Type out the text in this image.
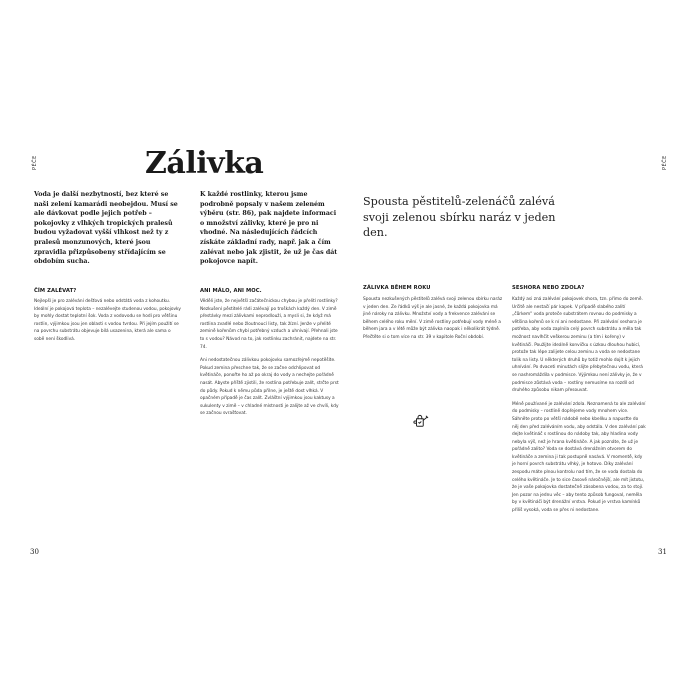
PÉČE	Zálivka

Voda je další nezbytností, bez které se naši zelení kamarádi neobejdou. Musí se ale dávkovat podle jejich potřeb – pokojovky z vlhkých tropických pralesů budou vyžadovat vyšší vlhkost než ty z pralesů monzunových, které jsou zpravidla přizpůsobeny střídajícím se obdobím sucha.

K každé rostlinky, kterou jsme podrobně popsaly v našem zeleném výběru (str. 86), pak najdete informaci o množství zálivky, které je pro ni vhodné. Na následujících řádcích získáte základní rady, např. jak a čím zalévat nebo jak zjistit, že už je čas dát pokojovce napít.

ČÍM ZALÉVAT?

Nejlepší je pro zalévání dešťová nebo odstátá voda z kohoutku. Ideální je pokojová teplota – nezalévejte studenou vodou, pokojovky by mohly dostat teplotní šok. Voda z vodovodu se hodí pro většinu rostlin, výjimkou jsou jen oblasti s vodou tvrdou. Při jejím použití se na povrchu substrátu objevuje bílá usazenina, která ale sama o sobě není škodlivá.

ANI MÁLO, ANI MOC.

Věděli jste, že největší začátečnickou chybou je přelití rostlinky? Nezkušení pěstitelé rádi zalévají po troškách každý den. V zimě přestávky mezi zálivkami neprodlouží, a mysli si, že když má rostlina zvadlé nebo žloutnoucí listy, tak žízní. Jenže v přelité zemině kořenům chybí potřebný vzduch a uhnívají. Přehnali jste to s vodou? Návod na to, jak rostlinku zachránit, najdete na str. 74.

Ani nedostatečnou zálivkou pokojovku samozřejmě nepotěšíte. Pokud zemina přeschne tak, že se začne odchlipovat od květináče, ponořte ho až po okraj do vody a nechejte pořádně nasát. Abyste příště zjistili, že rostlina potřebuje zalít, strčte prst do půdy. Pokud k němu půda přilne, je ještě dost vlhká. V opačném případě je čas zalít. Zvláštní výjimkou jsou kaktusy a sukulenty v zimě – v chladné místnosti je zalijte až ve chvíli, kdy se začnou svrašťovat.

30
PÉČE

Spousta pěstitelů-zelenáčů zalévá svoji zelenou sbírku naráz v jeden den.

ZÁLIVKA BĚHEM ROKU

Spousta nezkušených pěstitelů zalévá svoji zelenou sbírku naráz v jeden den. Ze řádků výš je ale jasné, že každá pokojovka má jiné nároky na zálivku. Množství vody a frekvence zalévání se během celého roku mění. V zimě rostliny potřebují vody méně a během jara a v létě může být zálivka naopak i několikrát týdně. Přečtěte si o tom více na str. 39 v kapitole Roční období.

SESHORA NEBO ZDOLA?

Každý asi zná zalévání pokojovek shora, tzn. přímo do země. Určitě ale nestačí pár kapek. V případě slabého zalití „čůrkem" voda proteče substrátem rovnou do podmisky a většina kořenů se k ní ani nedostane. Při zalévání seshora je potřeba, aby voda zaplnila celý povrch substrátu a měla tak možnost navlhčit veškerou zeminu (a tím i kořeny) v květináči. Použijte ideálně konvičku s úzkou dlouhou hubicí, protože tak lépe zalijete celou zeminu a voda se nedostane tolik na listy. U některých druhů by totiž mohlo dojít k jejich uhnívání. Po dvaceti minutách slijte přebytečnou vodu, která se nashromáždila v podmisce. Výjimkou není zálivky je, že v podmisce zůstává voda – rostliny nemusíme na rozdíl od druhého způsobu nikam přesouvat.

Méně používané je zalévání zdola. Neznamená to ale zalévání do podmisky – rostlině dopřejeme vody mnohem více. Sáhněte proto po větší nádobě nebo kbelíku a napusťte do něj den před zaléváním vodu, aby odstála. V den zalévání pak dejte květináč s rostlinou do nádoby tak, aby hladina vody nebyla výš, než je hrana květináče. A jak poznáte, že už je pořádně zalito? Voda se dostává drenážním otvorem do květináče a zemina ji tak postupně nasává. V momentě, kdy je horní povrch substrátu vlhký, je hotovo. Díky zalévání zespodu máte plnou kontrolu nad tím, že se voda dostala do celého květináče. Je to sice časově náročnější, ale mít jistotu, že je vaše pokojovka dostatečně zásobena vodou, za to stojí. Jen pozor na jednu věc – aby tento způsob fungoval, neměla by v květináči být drenážní vrstva. Pokud je vrstva kamínků příliš vysoká, voda se přes ni nedostane.

31
